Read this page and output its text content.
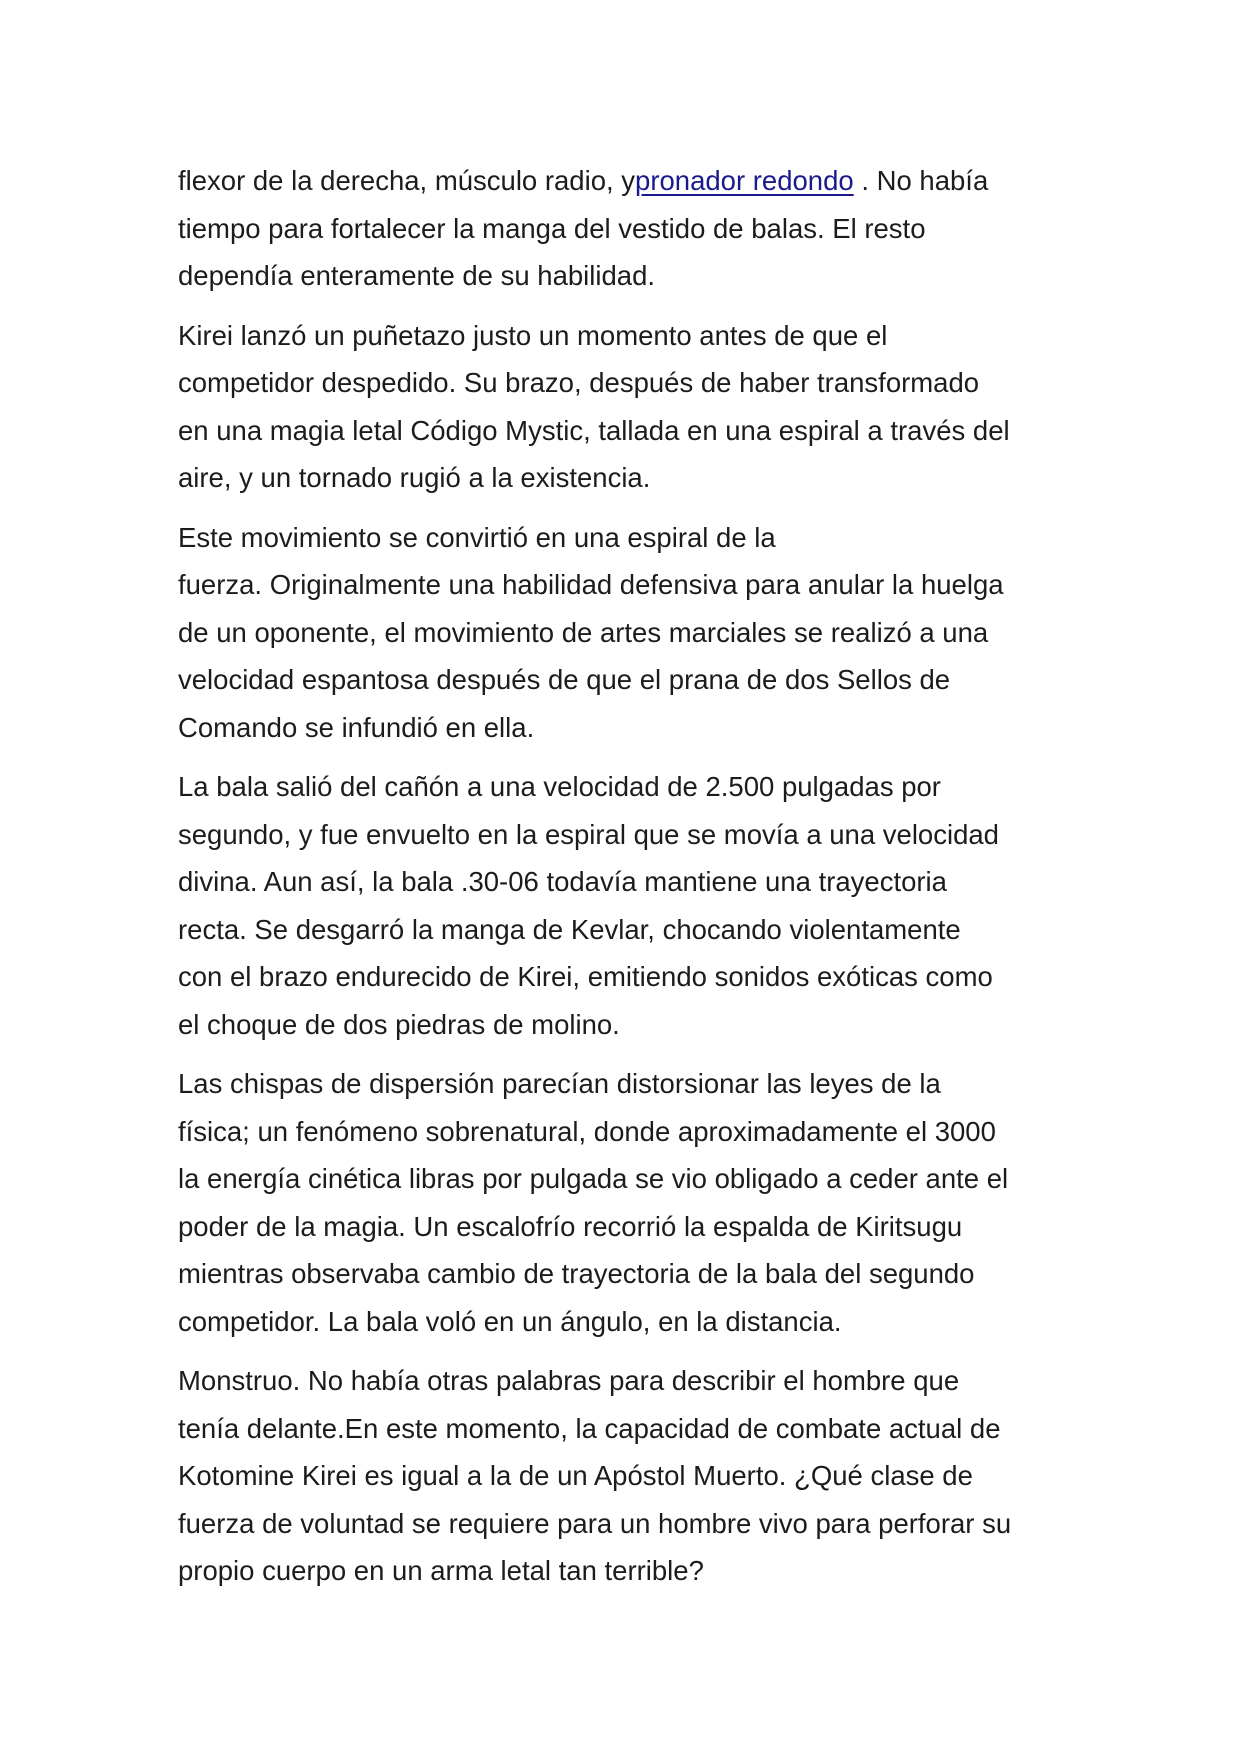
flexor de la derecha, músculo radio, ypronador redondo . No había
tiempo para fortalecer la manga del vestido de balas. El resto
dependía enteramente de su habilidad.

Kirei lanzó un puñetazo justo un momento antes de que el
competidor despedido. Su brazo, después de haber transformado
en una magia letal Código Mystic, tallada en una espiral a través del
aire, y un tornado rugió a la existencia.

Este movimiento se convirtió en una espiral de la
fuerza. Originalmente una habilidad defensiva para anular la huelga
de un oponente, el movimiento de artes marciales se realizó a una
velocidad espantosa después de que el prana de dos Sellos de
Comando se infundió en ella.

La bala salió del cañón a una velocidad de 2.500 pulgadas por
segundo, y fue envuelto en la espiral que se movía a una velocidad
divina. Aun así, la bala .30-06 todavía mantiene una trayectoria
recta. Se desgarró la manga de Kevlar, chocando violentamente
con el brazo endurecido de Kirei, emitiendo sonidos exóticas como
el choque de dos piedras de molino.

Las chispas de dispersión parecían distorsionar las leyes de la
física; un fenómeno sobrenatural, donde aproximadamente el 3000
la energía cinética libras por pulgada se vio obligado a ceder ante el
poder de la magia. Un escalofrío recorrió la espalda de Kiritsugu
mientras observaba cambio de trayectoria de la bala del segundo
competidor. La bala voló en un ángulo, en la distancia.

Monstruo. No había otras palabras para describir el hombre que
tenía delante.En este momento, la capacidad de combate actual de
Kotomine Kirei es igual a la de un Apóstol Muerto. ¿Qué clase de
fuerza de voluntad se requiere para un hombre vivo para perforar su
propio cuerpo en un arma letal tan terrible?
